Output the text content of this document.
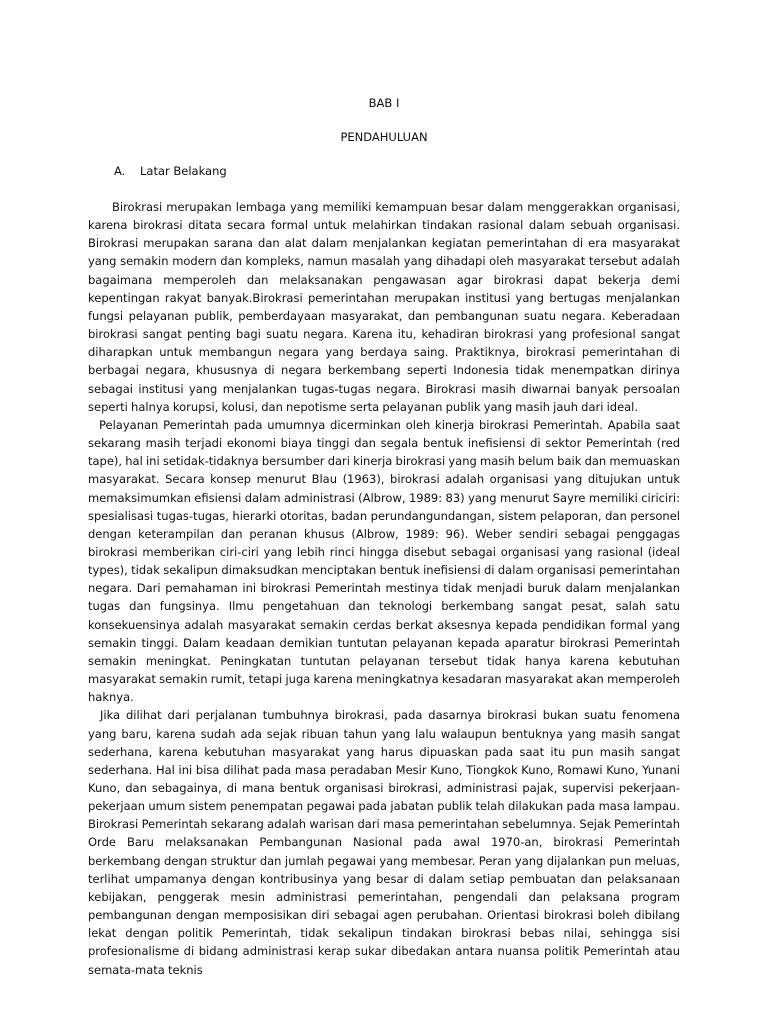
BAB I

PENDAHULUAN

A. Latar Belakang

Birokrasi merupakan lembaga yang memiliki kemampuan besar dalam menggerakkan organisasi, karena birokrasi ditata secara formal untuk melahirkan tindakan rasional dalam sebuah organisasi. Birokrasi merupakan sarana dan alat dalam menjalankan kegiatan pemerintahan di era masyarakat yang semakin modern dan kompleks, namun masalah yang dihadapi oleh masyarakat tersebut adalah bagaimana memperoleh dan melaksanakan pengawasan agar birokrasi dapat bekerja demi kepentingan rakyat banyak.Birokrasi pemerintahan merupakan institusi yang bertugas menjalankan fungsi pelayanan publik, pemberdayaan masyarakat, dan pembangunan suatu negara. Keberadaan birokrasi sangat penting bagi suatu negara. Karena itu, kehadiran birokrasi yang profesional sangat diharapkan untuk membangun negara yang berdaya saing. Praktiknya, birokrasi pemerintahan di berbagai negara, khususnya di negara berkembang seperti Indonesia tidak menempatkan dirinya sebagai institusi yang menjalankan tugas-tugas negara. Birokrasi masih diwarnai banyak persoalan seperti halnya korupsi, kolusi, dan nepotisme serta pelayanan publik yang masih jauh dari ideal.

Pelayanan Pemerintah pada umumnya dicerminkan oleh kinerja birokrasi Pemerintah. Apabila saat sekarang masih terjadi ekonomi biaya tinggi dan segala bentuk inefisiensi di sektor Pemerintah (red tape), hal ini setidak-tidaknya bersumber dari kinerja birokrasi yang masih belum baik dan memuaskan masyarakat. Secara konsep menurut Blau (1963), birokrasi adalah organisasi yang ditujukan untuk memaksimumkan efisiensi dalam administrasi (Albrow, 1989: 83) yang menurut Sayre memiliki ciriciri: spesialisasi tugas-tugas, hierarki otoritas, badan perundangundangan, sistem pelaporan, dan personel dengan keterampilan dan peranan khusus (Albrow, 1989: 96). Weber sendiri sebagai penggagas birokrasi memberikan ciri-ciri yang lebih rinci hingga disebut sebagai organisasi yang rasional (ideal types), tidak sekalipun dimaksudkan menciptakan bentuk inefisiensi di dalam organisasi pemerintahan negara. Dari pemahaman ini birokrasi Pemerintah mestinya tidak menjadi buruk dalam menjalankan tugas dan fungsinya. Ilmu pengetahuan dan teknologi berkembang sangat pesat, salah satu konsekuensinya adalah masyarakat semakin cerdas berkat aksesnya kepada pendidikan formal yang semakin tinggi. Dalam keadaan demikian tuntutan pelayanan kepada aparatur birokrasi Pemerintah semakin meningkat. Peningkatan tuntutan pelayanan tersebut tidak hanya karena kebutuhan masyarakat semakin rumit, tetapi juga karena meningkatnya kesadaran masyarakat akan memperoleh haknya.

Jika dilihat dari perjalanan tumbuhnya birokrasi, pada dasarnya birokrasi bukan suatu fenomena yang baru, karena sudah ada sejak ribuan tahun yang lalu walaupun bentuknya yang masih sangat sederhana, karena kebutuhan masyarakat yang harus dipuaskan pada saat itu pun masih sangat sederhana. Hal ini bisa dilihat pada masa peradaban Mesir Kuno, Tiongkok Kuno, Romawi Kuno, Yunani Kuno, dan sebagainya, di mana bentuk organisasi birokrasi, administrasi pajak, supervisi pekerjaan-pekerjaan umum sistem penempatan pegawai pada jabatan publik telah dilakukan pada masa lampau. Birokrasi Pemerintah sekarang adalah warisan dari masa pemerintahan sebelumnya. Sejak Pemerintah Orde Baru melaksanakan Pembangunan Nasional pada awal 1970-an, birokrasi Pemerintah berkembang dengan struktur dan jumlah pegawai yang membesar. Peran yang dijalankan pun meluas, terlihat umpamanya dengan kontribusinya yang besar di dalam setiap pembuatan dan pelaksanaan kebijakan, penggerak mesin administrasi pemerintahan, pengendali dan pelaksana program pembangunan dengan memposisikan diri sebagai agen perubahan. Orientasi birokrasi boleh dibilang lekat dengan politik Pemerintah, tidak sekalipun tindakan birokrasi bebas nilai, sehingga sisi profesionalisme di bidang administrasi kerap sukar dibedakan antara nuansa politik Pemerintah atau semata-mata teknis
